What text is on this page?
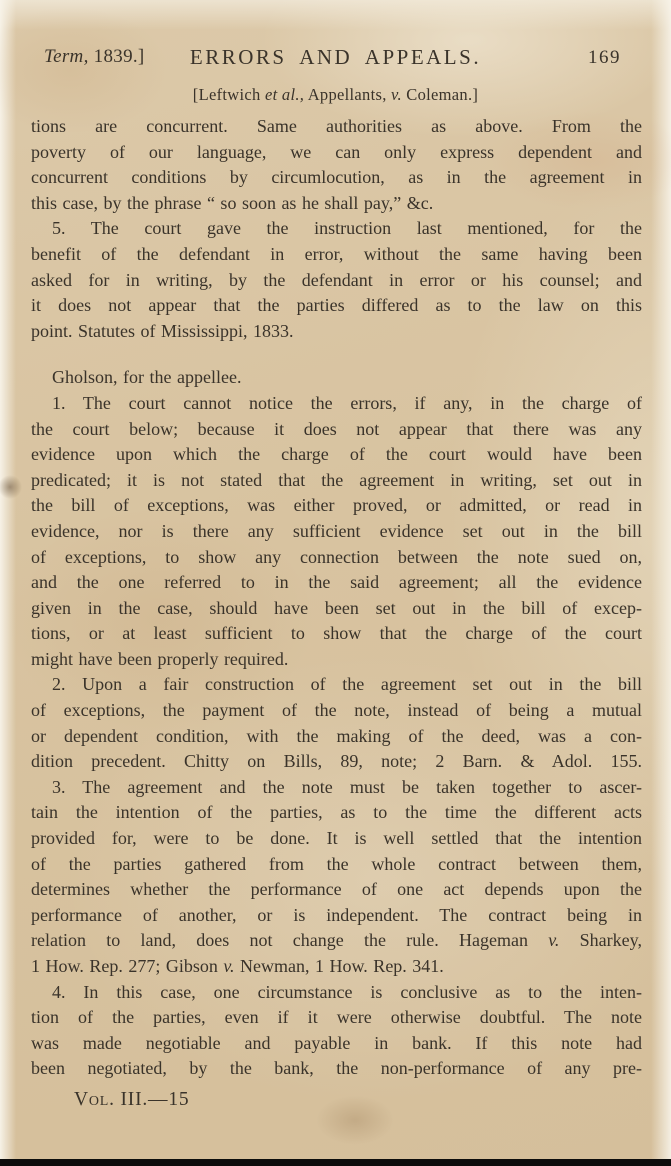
Term, 1839.]	ERRORS AND APPEALS.	169
[Leftwich et al., Appellants, v. Coleman.]
tions are concurrent. Same authorities as above. From the
poverty of our language, we can only express dependent and
concurrent conditions by circumlocution, as in the agreement in
this case, by the phrase “ so soon as he shall pay,” &c.
5. The court gave the instruction last mentioned, for the
benefit of the defendant in error, without the same having been
asked for in writing, by the defendant in error or his counsel; and
it does not appear that the parties differed as to the law on this
point. Statutes of Mississippi, 1833.
Gholson, for the appellee.
1. The court cannot notice the errors, if any, in the charge of
the court below; because it does not appear that there was any
evidence upon which the charge of the court would have been
predicated; it is not stated that the agreement in writing, set out in
the bill of exceptions, was either proved, or admitted, or read in
evidence, nor is there any sufficient evidence set out in the bill
of exceptions, to show any connection between the note sued on,
and the one referred to in the said agreement; all the evidence
given in the case, should have been set out in the bill of excep-
tions, or at least sufficient to show that the charge of the court
might have been properly required.
2. Upon a fair construction of the agreement set out in the bill
of exceptions, the payment of the note, instead of being a mutual
or dependent condition, with the making of the deed, was a con-
dition precedent. Chitty on Bills, 89, note; 2 Barn. & Adol. 155.
3. The agreement and the note must be taken together to ascer-
tain the intention of the parties, as to the time the different acts
provided for, were to be done. It is well settled that the intention
of the parties gathered from the whole contract between them,
determines whether the performance of one act depends upon the
performance of another, or is independent. The contract being in
relation to land, does not change the rule. Hageman v. Sharkey,
1 How. Rep. 277; Gibson v. Newman, 1 How. Rep. 341.
4. In this case, one circumstance is conclusive as to the inten-
tion of the parties, even if it were otherwise doubtful. The note
was made negotiable and payable in bank. If this note had
been negotiated, by the bank, the non-performance of any pre-
Vol. III.—15
